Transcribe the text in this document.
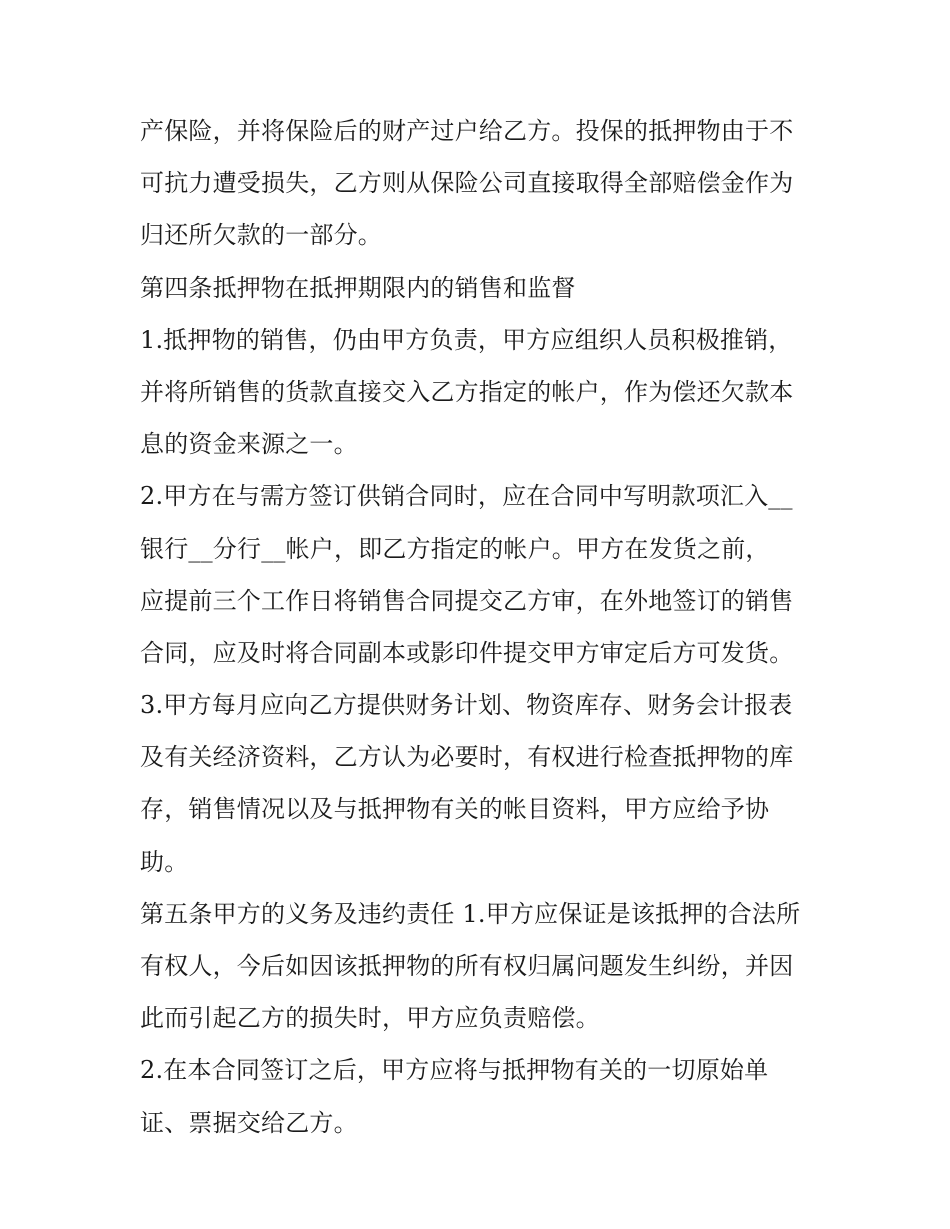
产保险，并将保险后的财产过户给乙方。投保的抵押物由于不
可抗力遭受损失，乙方则从保险公司直接取得全部赔偿金作为
归还所欠款的一部分。
第四条抵押物在抵押期限内的销售和监督
1.抵押物的销售，仍由甲方负责，甲方应组织人员积极推销，
并将所销售的货款直接交入乙方指定的帐户，作为偿还欠款本
息的资金来源之一。
2.甲方在与需方签订供销合同时，应在合同中写明款项汇入__
银行__分行__帐户，即乙方指定的帐户。甲方在发货之前，
应提前三个工作日将销售合同提交乙方审，在外地签订的销售
合同，应及时将合同副本或影印件提交甲方审定后方可发货。
3.甲方每月应向乙方提供财务计划、物资库存、财务会计报表
及有关经济资料，乙方认为必要时，有权进行检查抵押物的库
存，销售情况以及与抵押物有关的帐目资料，甲方应给予协
助。
第五条甲方的义务及违约责任 1.甲方应保证是该抵押的合法所
有权人，今后如因该抵押物的所有权归属问题发生纠纷，并因
此而引起乙方的损失时，甲方应负责赔偿。
2.在本合同签订之后，甲方应将与抵押物有关的一切原始单
证、票据交给乙方。
